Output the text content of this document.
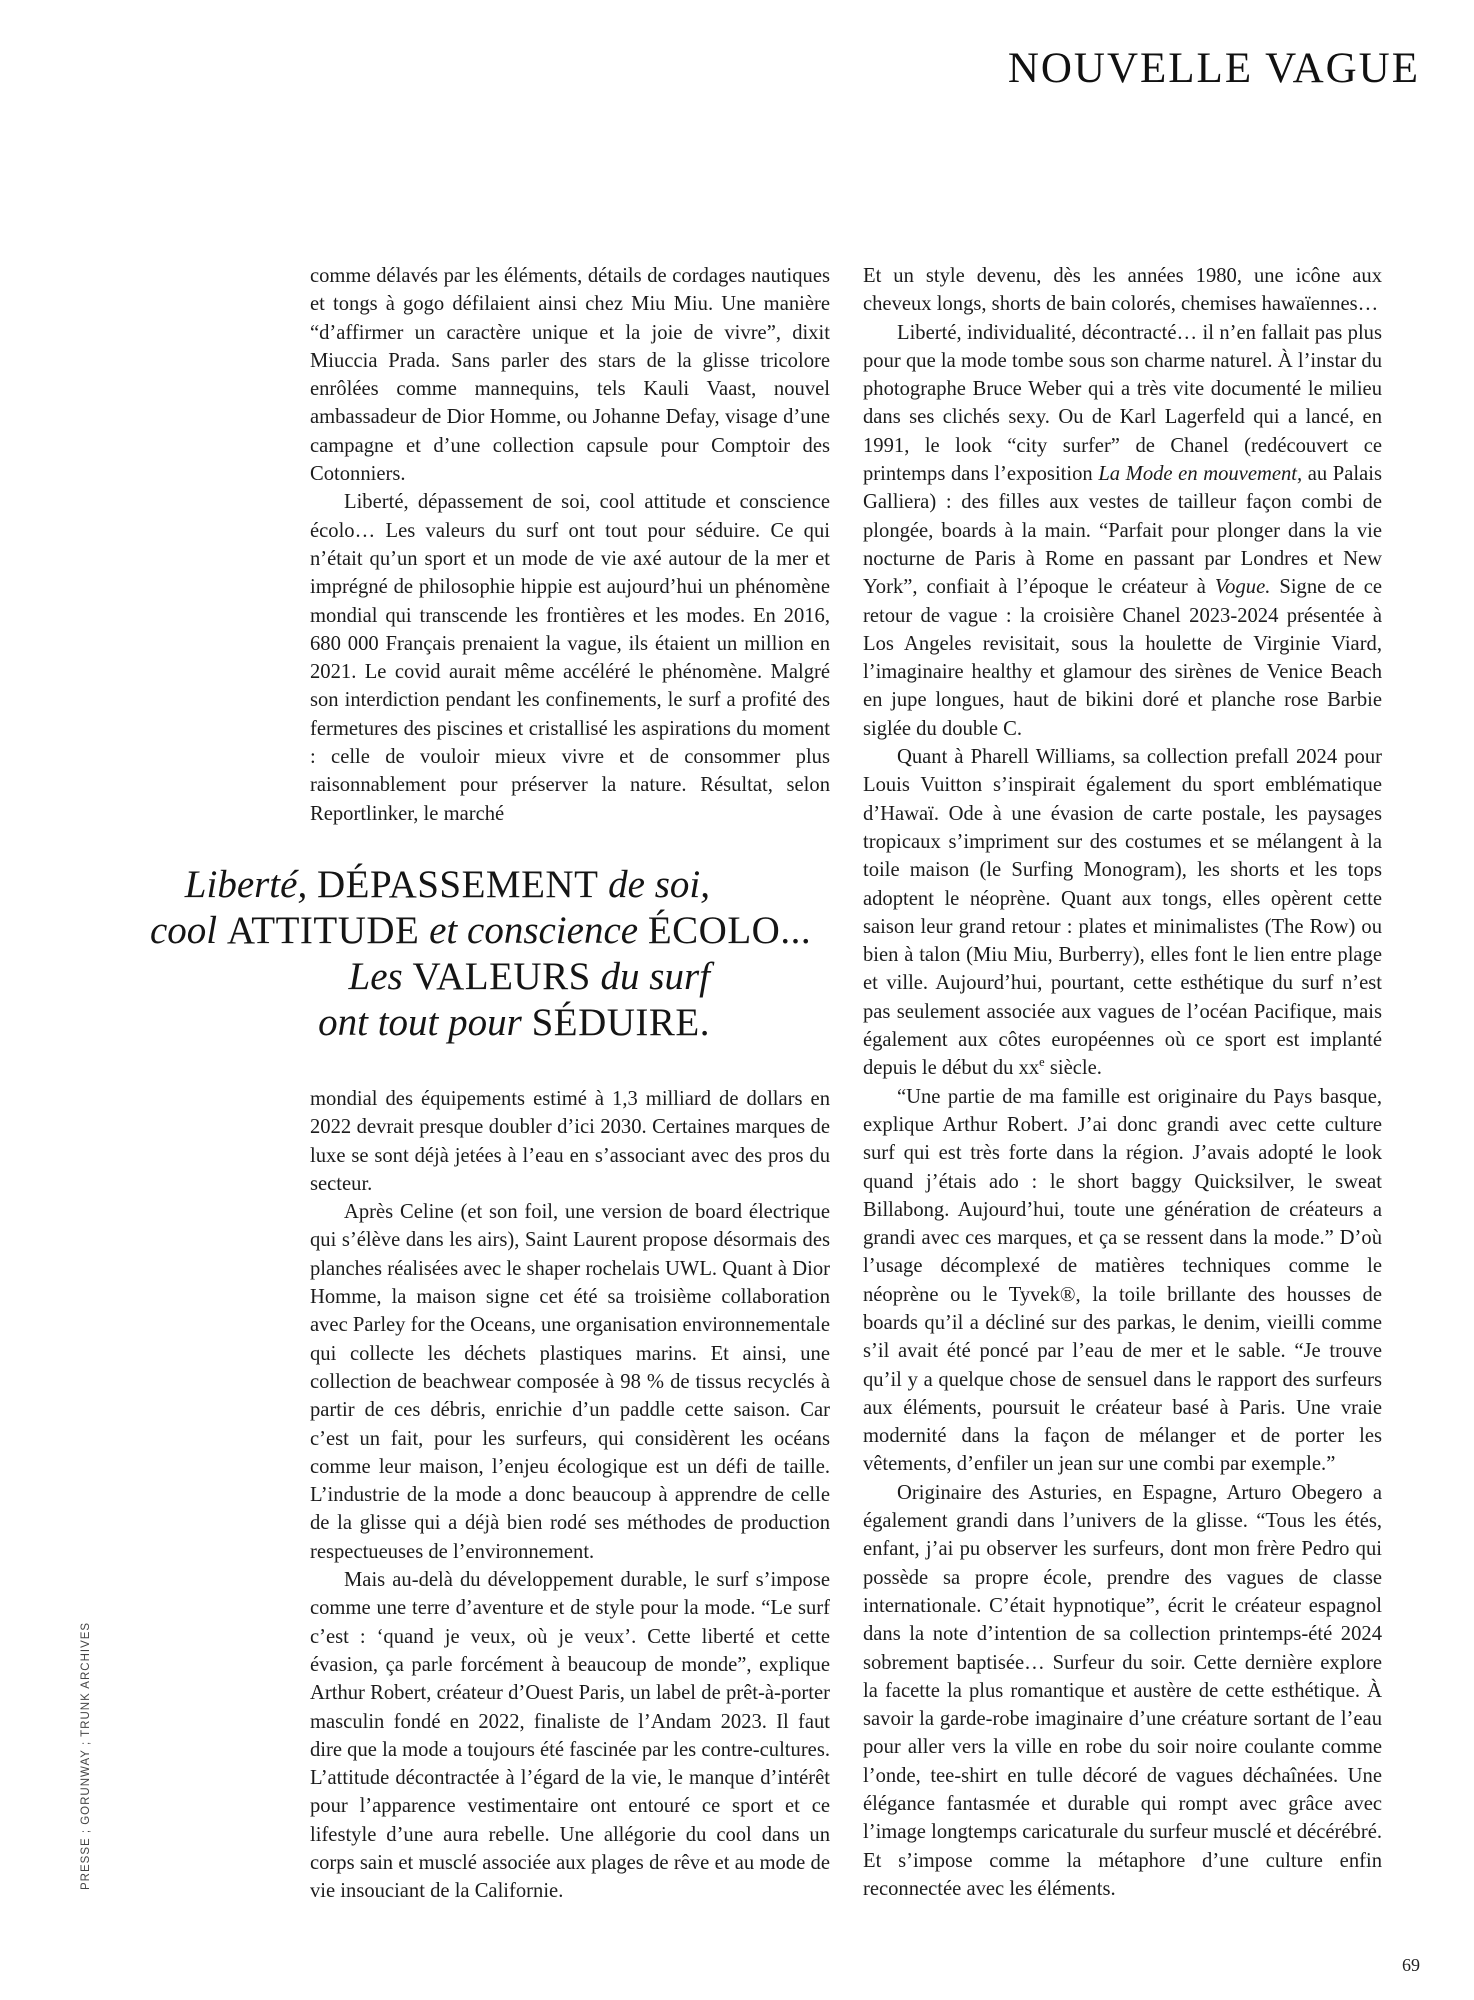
NOUVELLE VAGUE

comme délavés par les éléments, détails de cordages nautiques et tongs à gogo défilaient ainsi chez Miu Miu. Une manière “d’affirmer un caractère unique et la joie de vivre”, dixit Miuccia Prada. Sans parler des stars de la glisse tricolore enrôlées comme mannequins, tels Kauli Vaast, nouvel ambassadeur de Dior Homme, ou Johanne Defay, visage d’une campagne et d’une collection capsule pour Comptoir des Cotonniers.

Liberté, dépassement de soi, cool attitude et conscience écolo… Les valeurs du surf ont tout pour séduire. Ce qui n’était qu’un sport et un mode de vie axé autour de la mer et imprégné de philosophie hippie est aujourd’hui un phénomène mondial qui transcende les frontières et les modes. En 2016, 680 000 Français prenaient la vague, ils étaient un million en 2021. Le covid aurait même accéléré le phénomène. Malgré son interdiction pendant les confinements, le surf a profité des fermetures des piscines et cristallisé les aspirations du moment : celle de vouloir mieux vivre et de consommer plus raisonnablement pour préserver la nature. Résultat, selon Reportlinker, le marché

Liberté, DÉPASSEMENT de soi,
cool ATTITUDE et conscience ÉCOLO...
Les VALEURS du surf
ont tout pour SÉDUIRE.

mondial des équipements estimé à 1,3 milliard de dollars en 2022 devrait presque doubler d’ici 2030. Certaines marques de luxe se sont déjà jetées à l’eau en s’associant avec des pros du secteur.

Après Celine (et son foil, une version de board électrique qui s’élève dans les airs), Saint Laurent propose désormais des planches réalisées avec le shaper rochelais UWL. Quant à Dior Homme, la maison signe cet été sa troisième collaboration avec Parley for the Oceans, une organisation environnementale qui collecte les déchets plastiques marins. Et ainsi, une collection de beachwear composée à 98 % de tissus recyclés à partir de ces débris, enrichie d’un paddle cette saison. Car c’est un fait, pour les surfeurs, qui considèrent les océans comme leur maison, l’enjeu écologique est un défi de taille. L’industrie de la mode a donc beaucoup à apprendre de celle de la glisse qui a déjà bien rodé ses méthodes de production respectueuses de l’environnement.

Mais au-delà du développement durable, le surf s’impose comme une terre d’aventure et de style pour la mode. “Le surf c’est : ‘quand je veux, où je veux’. Cette liberté et cette évasion, ça parle forcément à beaucoup de monde”, explique Arthur Robert, créateur d’Ouest Paris, un label de prêt-à-porter masculin fondé en 2022, finaliste de l’Andam 2023. Il faut dire que la mode a toujours été fascinée par les contre-cultures. L’attitude décontractée à l’égard de la vie, le manque d’intérêt pour l’apparence vestimentaire ont entouré ce sport et ce lifestyle d’une aura rebelle. Une allégorie du cool dans un corps sain et musclé associée aux plages de rêve et au mode de vie insouciant de la Californie.

Et un style devenu, dès les années 1980, une icône aux cheveux longs, shorts de bain colorés, chemises hawaïennes…

Liberté, individualité, décontracté… il n’en fallait pas plus pour que la mode tombe sous son charme naturel. À l’instar du photographe Bruce Weber qui a très vite documenté le milieu dans ses clichés sexy. Ou de Karl Lagerfeld qui a lancé, en 1991, le look “city surfer” de Chanel (redécouvert ce printemps dans l’exposition La Mode en mouvement, au Palais Galliera) : des filles aux vestes de tailleur façon combi de plongée, boards à la main. “Parfait pour plonger dans la vie nocturne de Paris à Rome en passant par Londres et New York”, confiait à l’époque le créateur à Vogue. Signe de ce retour de vague : la croisière Chanel 2023-2024 présentée à Los Angeles revisitait, sous la houlette de Virginie Viard, l’imaginaire healthy et glamour des sirènes de Venice Beach en jupe longues, haut de bikini doré et planche rose Barbie siglée du double C.

Quant à Pharell Williams, sa collection prefall 2024 pour Louis Vuitton s’inspirait également du sport emblématique d’Hawaï. Ode à une évasion de carte postale, les paysages tropicaux s’impriment sur des costumes et se mélangent à la toile maison (le Surfing Monogram), les shorts et les tops adoptent le néoprène. Quant aux tongs, elles opèrent cette saison leur grand retour : plates et minimalistes (The Row) ou bien à talon (Miu Miu, Burberry), elles font le lien entre plage et ville. Aujourd’hui, pourtant, cette esthétique du surf n’est pas seulement associée aux vagues de l’océan Pacifique, mais également aux côtes européennes où ce sport est implanté depuis le début du $xx^e$ siècle.

“Une partie de ma famille est originaire du Pays basque, explique Arthur Robert. J’ai donc grandi avec cette culture surf qui est très forte dans la région. J’avais adopté le look quand j’étais ado : le short baggy Quicksilver, le sweat Billabong. Aujourd’hui, toute une génération de créateurs a grandi avec ces marques, et ça se ressent dans la mode.” D’où l’usage décomplexé de matières techniques comme le néoprène ou le Tyvek®, la toile brillante des housses de boards qu’il a décliné sur des parkas, le denim, vieilli comme s’il avait été poncé par l’eau de mer et le sable. “Je trouve qu’il y a quelque chose de sensuel dans le rapport des surfeurs aux éléments, poursuit le créateur basé à Paris. Une vraie modernité dans la façon de mélanger et de porter les vêtements, d’enfiler un jean sur une combi par exemple.”

Originaire des Asturies, en Espagne, Arturo Obegero a également grandi dans l’univers de la glisse. “Tous les étés, enfant, j’ai pu observer les surfeurs, dont mon frère Pedro qui possède sa propre école, prendre des vagues de classe internationale. C’était hypnotique”, écrit le créateur espagnol dans la note d’intention de sa collection printemps-été 2024 sobrement baptisée… Surfeur du soir. Cette dernière explore la facette la plus romantique et austère de cette esthétique. À savoir la garde-robe imaginaire d’une créature sortant de l’eau pour aller vers la ville en robe du soir noire coulante comme l’onde, tee-shirt en tulle décoré de vagues déchaînées. Une élégance fantasmée et durable qui rompt avec grâce avec l’image longtemps caricaturale du surfeur musclé et décérébré. Et s’impose comme la métaphore d’une culture enfin reconnectée avec les éléments.

PRESSE ; GORUNWAY ; TRUNK ARCHIVES
69
